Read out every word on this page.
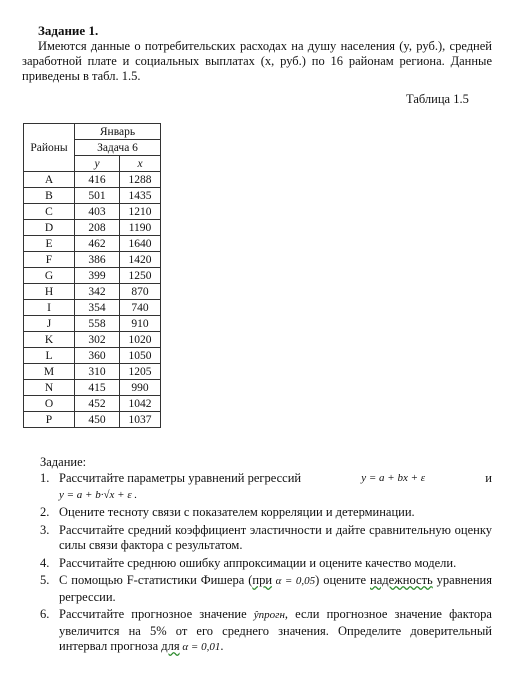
Задание 1.
Имеются данные о потребительских расходах на душу населения (y, руб.), средней заработной плате и социальных выплатах (x, руб.) по 16 районам региона. Данные приведены в табл. 1.5.
Таблица 1.5
Районы	Январь	
	Задача 6	
	y	x
A	416	1288
B	501	1435
C	403	1210
D	208	1190
E	462	1640
F	386	1420
G	399	1250
H	342	870
I	354	740
J	558	910
K	302	1020
L	360	1050
M	310	1205
N	415	990
O	452	1042
P	450	1037
Задание:
1. Рассчитайте параметры уравнений регрессий	y = a + bx + ε	и
y = a + b·√x + ε .
2. Оцените тесноту связи с показателем корреляции и детерминации.
3. Рассчитайте средний коэффициент эластичности и дайте сравнительную оценку силы связи фактора с результатом.
4. Рассчитайте среднюю ошибку аппроксимации и оцените качество модели.
5. С помощью F-статистики Фишера (при α = 0,05) оцените надежность уравнения регрессии.
6. Рассчитайте прогнозное значение ŷпрогн, если прогнозное значение фактора увеличится на 5% от его среднего значения. Определите доверительный интервал прогноза для α = 0,01.
